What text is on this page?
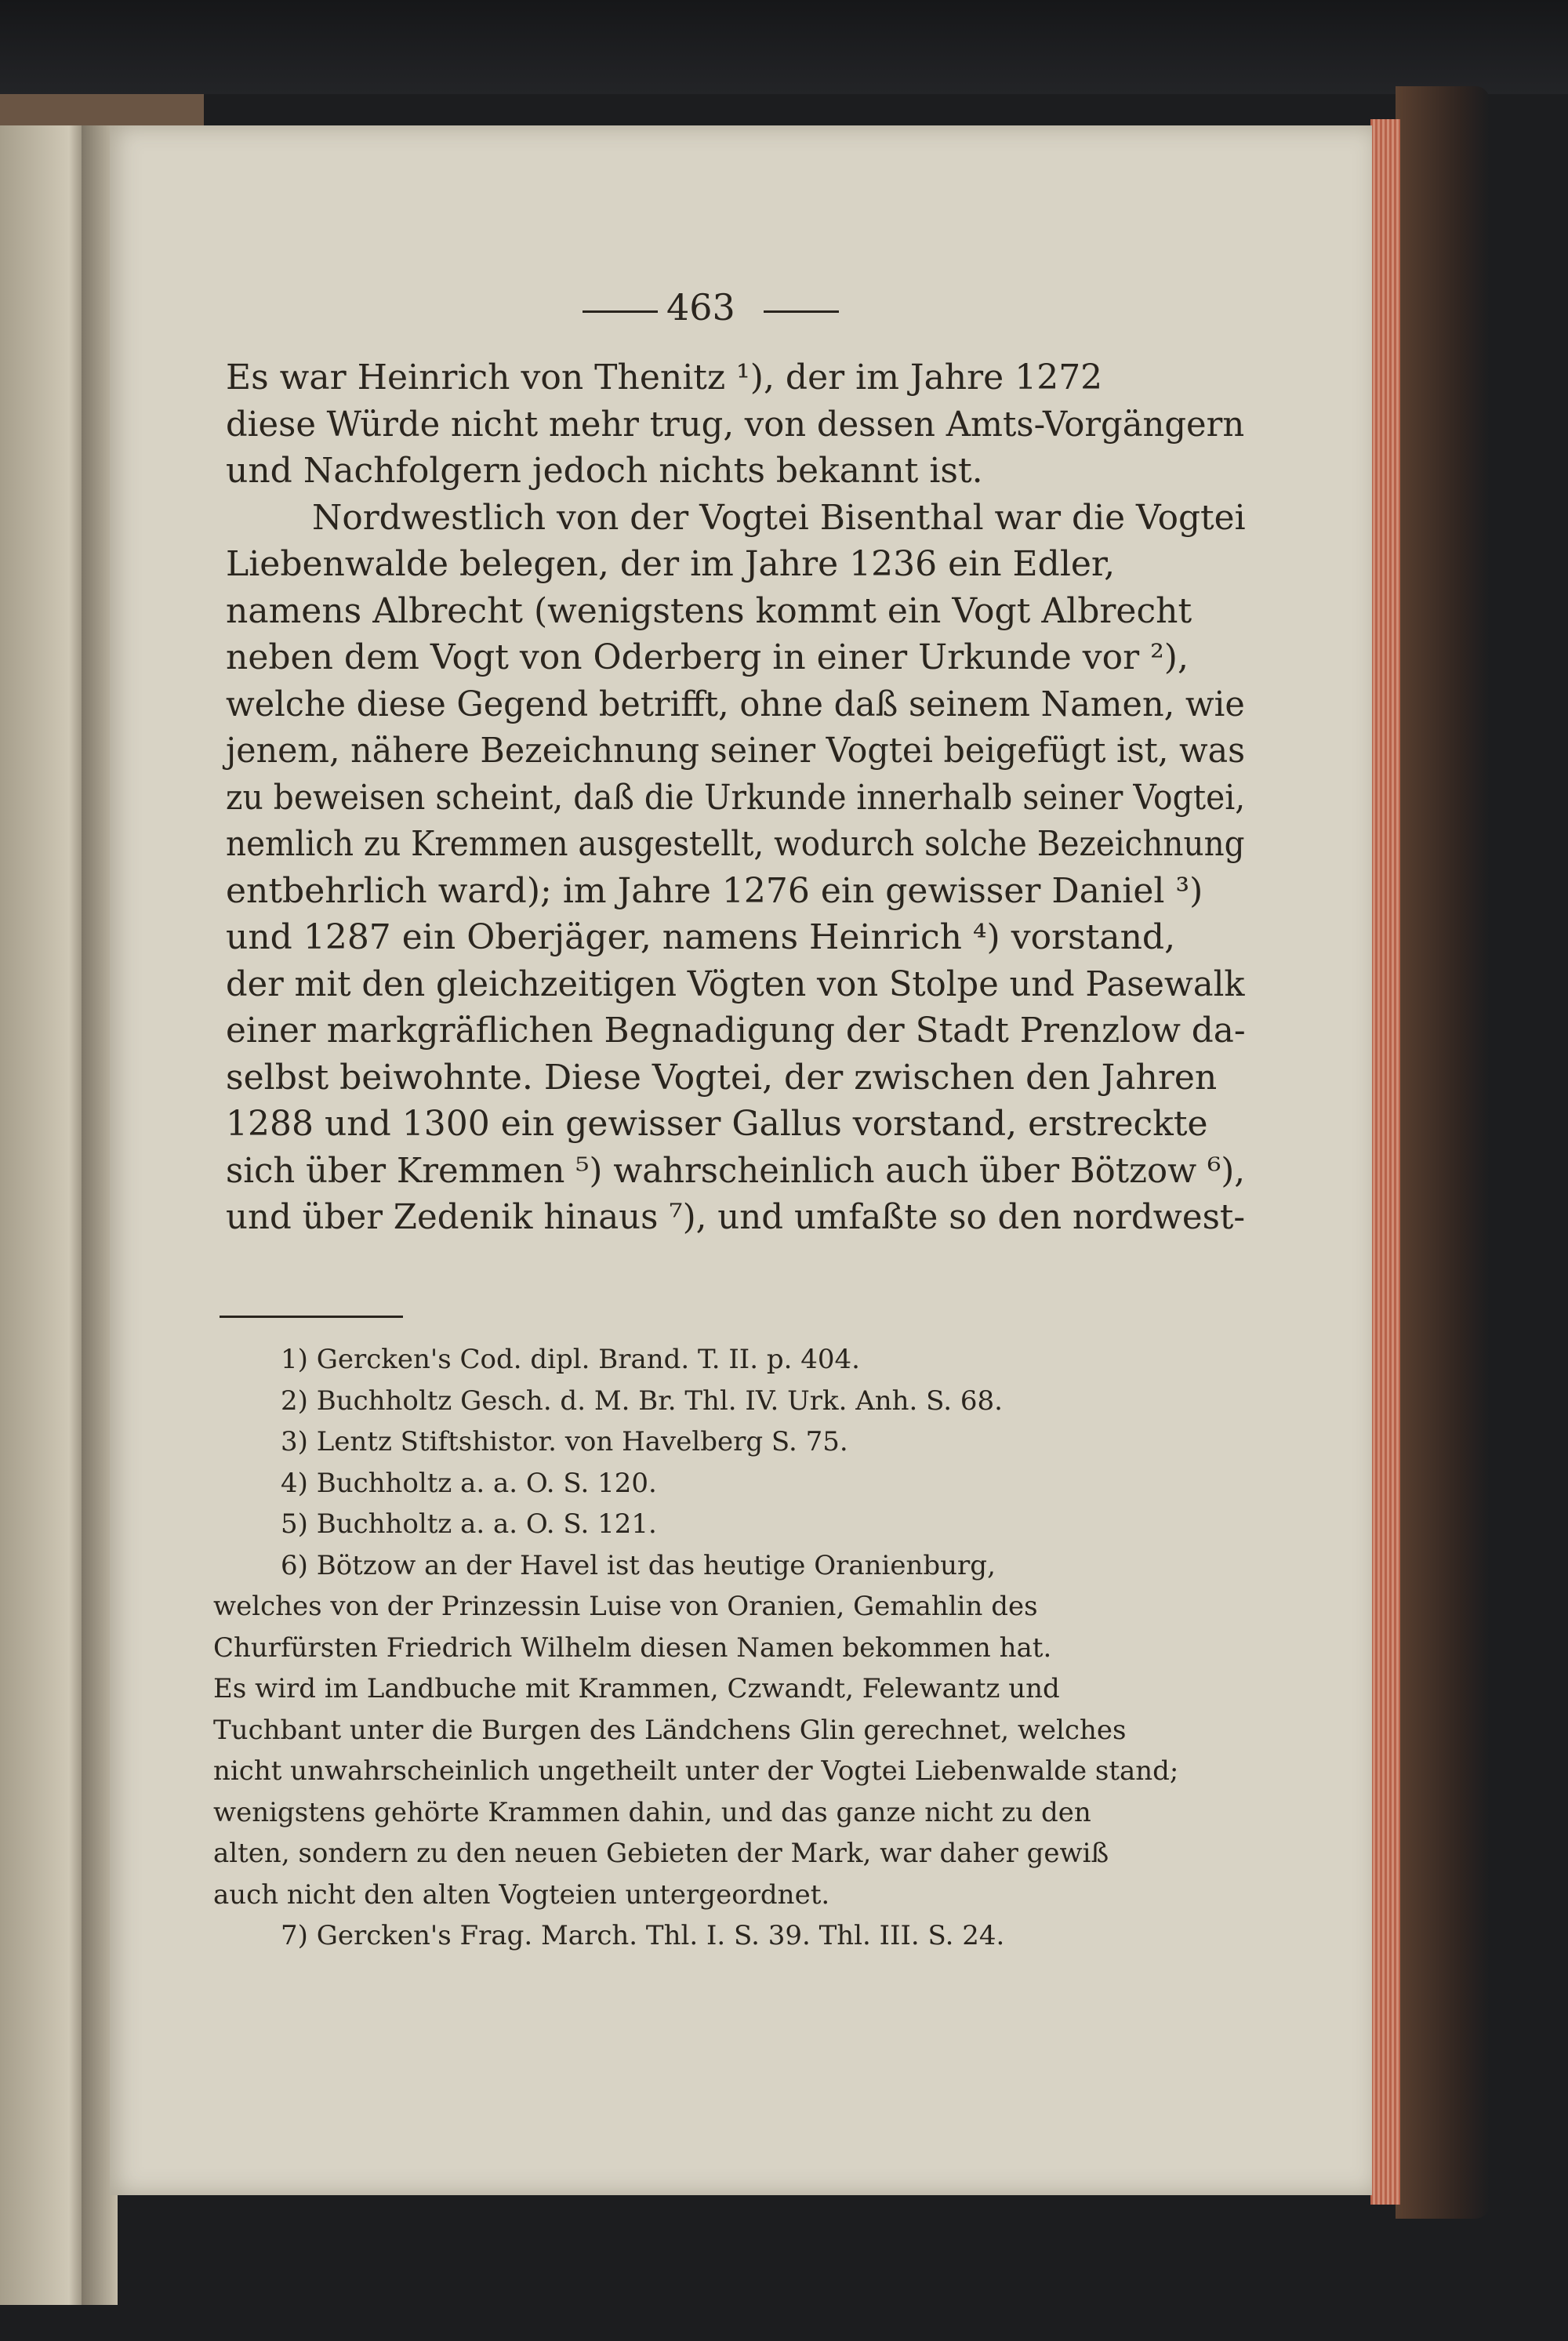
463
Es war Heinrich von Thenitz ¹), der im Jahre 1272
diese Würde nicht mehr trug, von dessen Amts-Vorgängern
und Nachfolgern jedoch nichts bekannt ist.
Nordwestlich von der Vogtei Bisenthal war die Vogtei
Liebenwalde belegen, der im Jahre 1236 ein Edler,
namens Albrecht (wenigstens kommt ein Vogt Albrecht
neben dem Vogt von Oderberg in einer Urkunde vor ²),
welche diese Gegend betrifft, ohne daß seinem Namen, wie
jenem, nähere Bezeichnung seiner Vogtei beigefügt ist, was
zu beweisen scheint, daß die Urkunde innerhalb seiner Vogtei,
nemlich zu Kremmen ausgestellt, wodurch solche Bezeichnung
entbehrlich ward); im Jahre 1276 ein gewisser Daniel ³)
und 1287 ein Oberjäger, namens Heinrich ⁴) vorstand,
der mit den gleichzeitigen Vögten von Stolpe und Pasewalk
einer markgräflichen Begnadigung der Stadt Prenzlow da-
selbst beiwohnte. Diese Vogtei, der zwischen den Jahren
1288 und 1300 ein gewisser Gallus vorstand, erstreckte
sich über Kremmen ⁵) wahrscheinlich auch über Bötzow ⁶),
und über Zedenik hinaus ⁷), und umfaßte so den nordwest-
1) Gercken's Cod. dipl. Brand. T. II. p. 404.
2) Buchholtz Gesch. d. M. Br. Thl. IV. Urk. Anh. S. 68.
3) Lentz Stiftshistor. von Havelberg S. 75.
4) Buchholtz a. a. O. S. 120.
5) Buchholtz a. a. O. S. 121.
6) Bötzow an der Havel ist das heutige Oranienburg,
welches von der Prinzessin Luise von Oranien, Gemahlin des
Churfürsten Friedrich Wilhelm diesen Namen bekommen hat.
Es wird im Landbuche mit Krammen, Czwandt, Felewantz und
Tuchbant unter die Burgen des Ländchens Glin gerechnet, welches
nicht unwahrscheinlich ungetheilt unter der Vogtei Liebenwalde stand;
wenigstens gehörte Krammen dahin, und das ganze nicht zu den
alten, sondern zu den neuen Gebieten der Mark, war daher gewiß
auch nicht den alten Vogteien untergeordnet.
7) Gercken's Frag. March. Thl. I. S. 39. Thl. III. S. 24.
